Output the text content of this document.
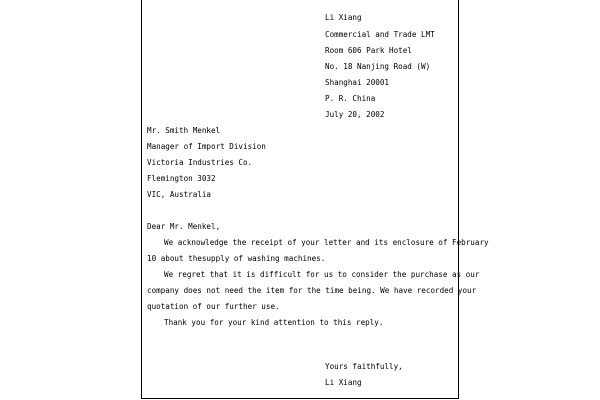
Li Xiang
Commercial and Trade LMT
Room 606 Park Hotel
No. 18 Nanjing Road (W)
Shanghai 20001
P. R. China
July 20, 2002
Mr. Smith Menkel
Manager of Import Division
Victoria Industries Co.
Flemington 3032
VIC, Australia
Dear Mr. Menkel,
We acknowledge the receipt of your letter and its enclosure of February
10 about thesupply of washing machines.
We regret that it is difficult for us to consider the purchase as our
company does not need the item for the time being. We have recorded your
quotation of our further use.
Thank you for your kind attention to this reply.
Yours faithfully,
Li Xiang
